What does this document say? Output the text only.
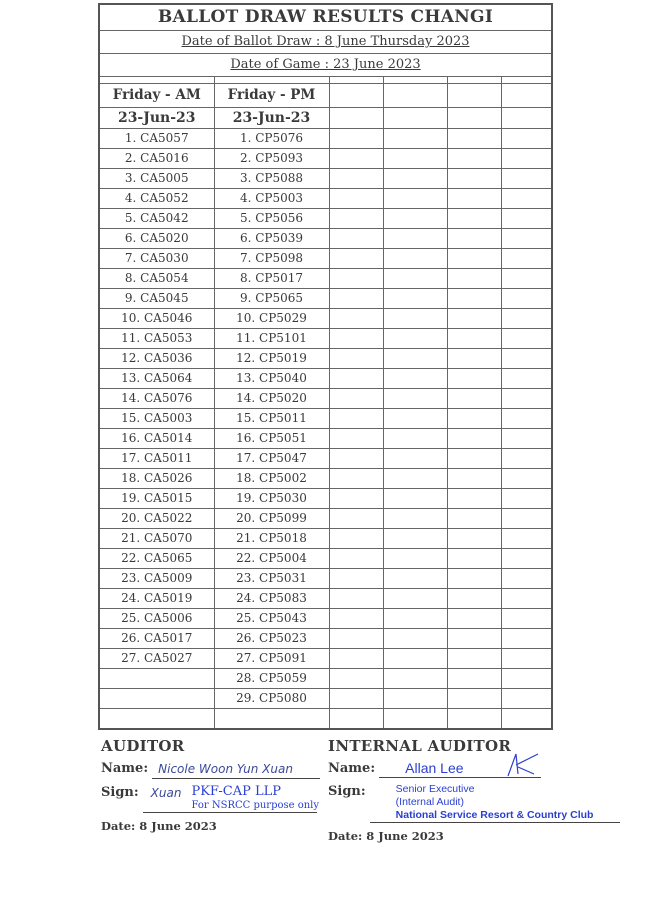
BALLOT DRAW RESULTS CHANGI
Date of Ballot Draw : 8 June Thursday 2023
Date of Game : 23 June 2023

Friday - AM	Friday - PM				
23-Jun-23	23-Jun-23				
1. CA5057	1. CP5076				
2. CA5016	2. CP5093				
3. CA5005	3. CP5088				
4. CA5052	4. CP5003				
5. CA5042	5. CP5056				
6. CA5020	6. CP5039				
7. CA5030	7. CP5098				
8. CA5054	8. CP5017				
9. CA5045	9. CP5065				
10. CA5046	10. CP5029				
11. CA5053	11. CP5101				
12. CA5036	12. CP5019				
13. CA5064	13. CP5040				
14. CA5076	14. CP5020				
15. CA5003	15. CP5011				
16. CA5014	16. CP5051				
17. CA5011	17. CP5047				
18. CA5026	18. CP5002				
19. CA5015	19. CP5030				
20. CA5022	20. CP5099				
21. CA5070	21. CP5018				
22. CA5065	22. CP5004				
23. CA5009	23. CP5031				
24. CA5019	24. CP5083				
25. CA5006	25. CP5043				
26. CA5017	26. CP5023				
27. CA5027	27. CP5091				
	28. CP5059				
	29. CP5080				

AUDITOR
Name: Nicole Woon Yun Xuan
Sign: Xuan PKF-CAP LLP
For NSRCC purpose only
Date: 8 June 2023
INTERNAL AUDITOR
Name: Allan Lee
Sign:	Senior Executive
(Internal Audit)
National Service Resort & Country Club
Date: 8 June 2023
